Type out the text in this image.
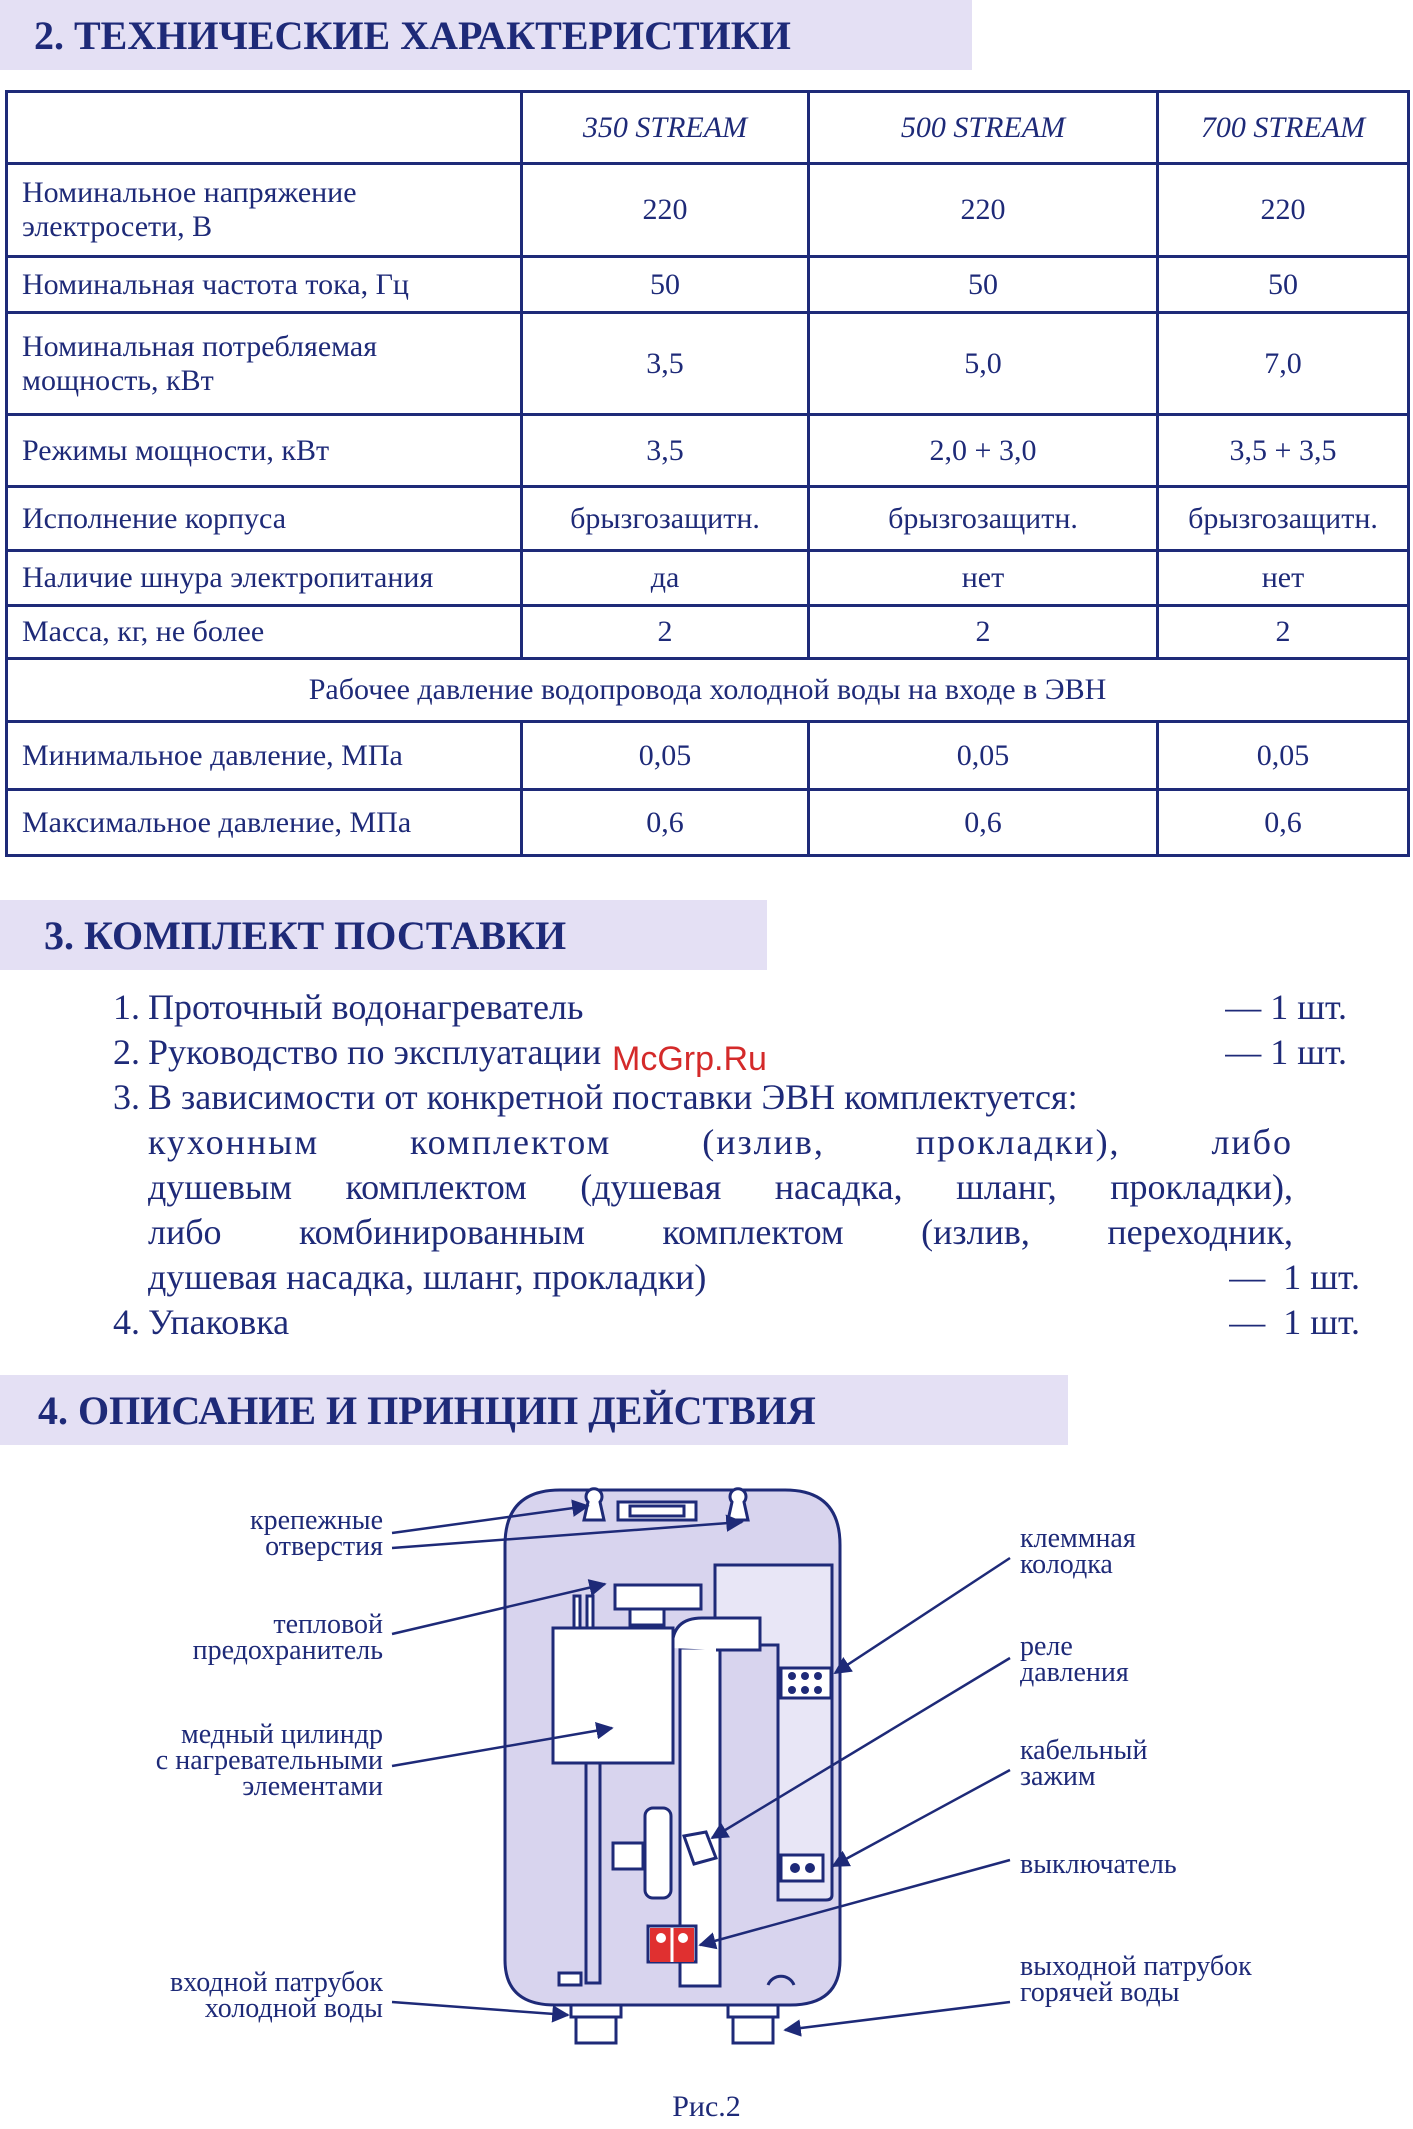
2. ТЕХНИЧЕСКИЕ ХАРАКТЕРИСТИКИ
	350 STREAM	500 STREAM	700 STREAM
Номинальное напряжение электросети, В	220	220	220
Номинальная частота тока, Гц	50	50	50
Номинальная потребляемая мощность, кВт	3,5	5,0	7,0
Режимы мощности, кВт	3,5	2,0 + 3,0	3,5 + 3,5
Исполнение корпуса	брызгозащитн.	брызгозащитн.	брызгозащитн.
Наличие шнура электропитания	да	нет	нет
Масса, кг, не более	2	2	2
Рабочее давление водопровода холодной воды на входе в ЭВН			
Минимальное давление, МПа	0,05	0,05	0,05
Максимальное давление, МПа	0,6	0,6	0,6
3. КОМПЛЕКТ ПОСТАВКИ
1. Проточный водонагреватель	— 1 шт.
2. Руководство по эксплуатации	— 1 шт.
3. В зависимости от конкретной поставки ЭВН комплектуется:
кухонным комплектом (излив, прокладки), либо
душевым комплектом (душевая насадка, шланг, прокладки),
либо комбинированным комплектом (излив, переходник,
душевая насадка, шланг, прокладки)	—  1 шт.
4. Упаковка	—  1 шт.
McGrp.Ru
4. ОПИСАНИЕ И ПРИНЦИП ДЕЙСТВИЯ
крепежные
отверстия
тепловой
предохранитель
медный цилиндр
с нагревательными
элементами
входной патрубок
холодной воды
клеммная
колодка
реле
давления
кабельный
зажим
выключатель
выходной патрубок
горячей воды
Рис.2
